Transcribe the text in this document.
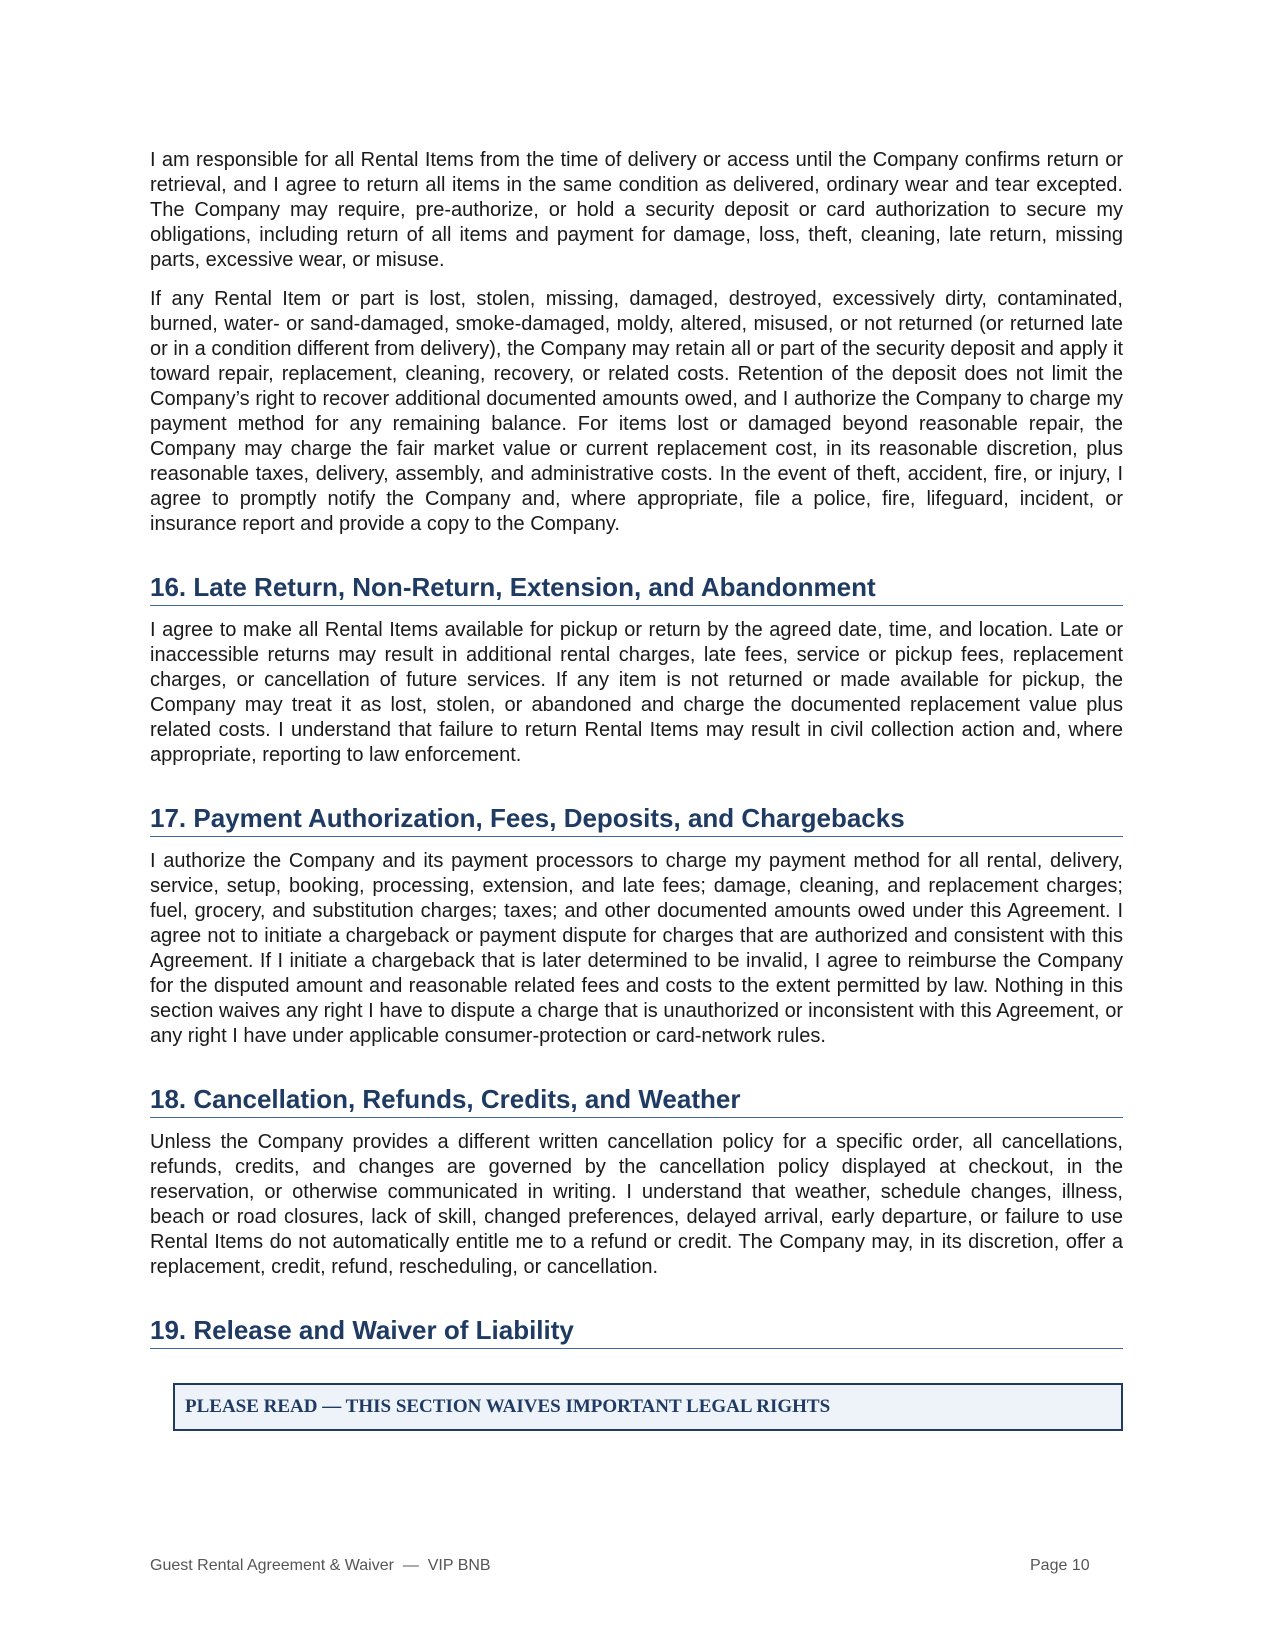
I am responsible for all Rental Items from the time of delivery or access until the Company confirms return or retrieval, and I agree to return all items in the same condition as delivered, ordinary wear and tear excepted. The Company may require, pre-authorize, or hold a security deposit or card authorization to secure my obligations, including return of all items and payment for damage, loss, theft, cleaning, late return, missing parts, excessive wear, or misuse.

If any Rental Item or part is lost, stolen, missing, damaged, destroyed, excessively dirty, contaminated, burned, water- or sand-damaged, smoke-damaged, moldy, altered, misused, or not returned (or returned late or in a condition different from delivery), the Company may retain all or part of the security deposit and apply it toward repair, replacement, cleaning, recovery, or related costs. Retention of the deposit does not limit the Company’s right to recover additional documented amounts owed, and I authorize the Company to charge my payment method for any remaining balance. For items lost or damaged beyond reasonable repair, the Company may charge the fair market value or current replacement cost, in its reasonable discretion, plus reasonable taxes, delivery, assembly, and administrative costs. In the event of theft, accident, fire, or injury, I agree to promptly notify the Company and, where appropriate, file a police, fire, lifeguard, incident, or insurance report and provide a copy to the Company.

16. Late Return, Non-Return, Extension, and Abandonment

I agree to make all Rental Items available for pickup or return by the agreed date, time, and location. Late or inaccessible returns may result in additional rental charges, late fees, service or pickup fees, replacement charges, or cancellation of future services. If any item is not returned or made available for pickup, the Company may treat it as lost, stolen, or abandoned and charge the documented replacement value plus related costs. I understand that failure to return Rental Items may result in civil collection action and, where appropriate, reporting to law enforcement.

17. Payment Authorization, Fees, Deposits, and Chargebacks

I authorize the Company and its payment processors to charge my payment method for all rental, delivery, service, setup, booking, processing, extension, and late fees; damage, cleaning, and replacement charges; fuel, grocery, and substitution charges; taxes; and other documented amounts owed under this Agreement. I agree not to initiate a chargeback or payment dispute for charges that are authorized and consistent with this Agreement. If I initiate a chargeback that is later determined to be invalid, I agree to reimburse the Company for the disputed amount and reasonable related fees and costs to the extent permitted by law. Nothing in this section waives any right I have to dispute a charge that is unauthorized or inconsistent with this Agreement, or any right I have under applicable consumer-protection or card-network rules.

18. Cancellation, Refunds, Credits, and Weather

Unless the Company provides a different written cancellation policy for a specific order, all cancellations, refunds, credits, and changes are governed by the cancellation policy displayed at checkout, in the reservation, or otherwise communicated in writing. I understand that weather, schedule changes, illness, beach or road closures, lack of skill, changed preferences, delayed arrival, early departure, or failure to use Rental Items do not automatically entitle me to a refund or credit. The Company may, in its discretion, offer a replacement, credit, refund, rescheduling, or cancellation.

19. Release and Waiver of Liability
PLEASE READ — THIS SECTION WAIVES IMPORTANT LEGAL RIGHTS
Guest Rental Agreement & Waiver  —  VIP BNB	Page 10
